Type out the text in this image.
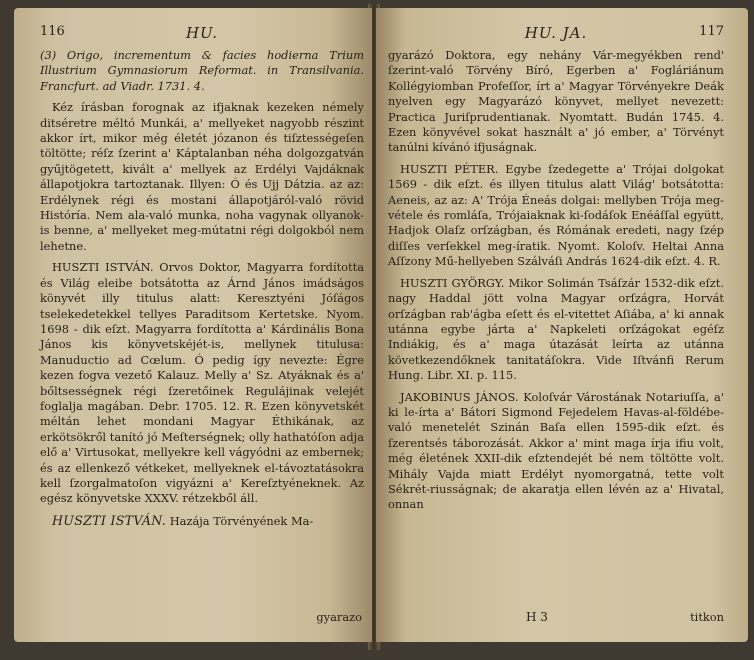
116	HU.

(3) Origo, incrementum & facies hodierna Trium Illustrium Gymnasiorum Reformat. in Transilvania. Francfurt. ad Viadr. 1731. 4.

Kéz írásban forognak az ifjaknak kezeken némely ditséretre méltó Munkái, a' mellyeket nagyobb részint akkor írt, mikor még életét józanon és tiſztességeſen töltötte; réſz ſzerint a' Káptalanban néha dolgozgatván gyűjtögetett, kivált a' mellyek az Erdélyi Vajdáknak állapotjokra tartoztanak. Illyen: Ó és Ujj Dátzia. az az: Erdélynek régi és mostani állapotjáról-való rövid Históría. Nem ala-való munka, noha vagynak ollyanok-is benne, a' mellyeket meg-mútatni régi dolgokból nem lehetne.

HUSZTI ISTVÁN. Orvos Doktor, Magyarra fordította és Világ eleibe botsátotta az Árnd János imádságos könyvét illy titulus alatt: Keresztyéni Jóſágos tselekedetekkel tellyes Paraditsom Kertetske. Nyom. 1698 - dik eſzt. Magyarra fordította a' Kárdinális Bona János kis könyvetskéjét-is, mellynek titulusa: Manuductio ad Cœlum. Ó pedig így nevezte: Égre kezen fogva vezető Kalauz. Melly a' Sz. Atyáknak és a' bőltsességnek régi ſzeretőinek Regulájinak velejét foglalja magában. Debr. 1705. 12. R. Ezen könyvetskét méltán lehet mondani Magyar Éthikának, az erkötsökről tanító jó Meſterségnek; olly hathatóſon adja elő a' Virtusokat, mellyekre kell vágyódni az embernek; és az ellenkező vétkeket, mellyeknek el-távoztatásokra kell ſzorgalmatoſon vigyázni a' Kereſztyéneknek. Az egész könyvetske XXXV. rétzekből áll.

HUSZTI ISTVÁN. Hazája Törvényének Ma-

gyarazo
HU. JA.	117

gyarázó Doktora, egy nehány Vár-megyékben rend' ſzerint-való Törvény Bíró, Egerben a' Fogláriánum Kollégyiomban Profeſſor, írt a' Magyar Törvényekre Deák nyelven egy Magyarázó könyvet, mellyet nevezett: Practica Juriſprudentianak. Nyomtatt. Budán 1745. 4. Ezen könyvével sokat használt a' jó ember, a' Törvényt tanúlni kívánó ifjuságnak.

HUSZTI PÉTER. Egybe ſzedegette a' Trójai dolgokat 1569 - dik eſzt. és illyen titulus alatt Világ' botsátotta: Aeneis, az az: A' Trója Éneás dolgai: mellyben Trója meg-vétele és romláſa, Trójaiaknak ki-ſodáſok Enéáſſal együtt, Hadjok Olaſz orſzágban, és Rómának eredeti, nagy ſzép diſſes verſekkel meg-íratik. Nyomt. Koloſv. Heltai Anna Aſſzony Mű-hellyeben Szálváſi András 1624-dik eſzt. 4. R.

HUSZTI GYÖRGY. Mikor Solimán Tsáſzár 1532-dik eſzt. nagy Haddal jött volna Magyar orſzágra, Horvát orſzágban rab'ágba eſett és el-vitettet Aſiába, a' ki annak utánna egybe járta a' Napkeleti orſzágokat egéſz Indiákig, és a' maga útazását leírta az utánna következendőknek tanitatáſokra. Vide Iſtvánfi Rerum Hung. Libr. XI. p. 115.

JAKOBINUS JÁNOS. Koloſvár Várostának Notariuſſa, a' ki le-írta a' Bátori Sigmond Fejedelem Havas-al-földébe-való menetelét Szinán Baſa ellen 1595-dik eſzt. és ſzerentsés táborozását. Akkor a' mint maga írja ifiu volt, még életének XXII-dik eſztendejét bé nem töltötte volt. Mihály Vajda miatt Erdélyt nyomorgatná, tette volt Sékrét-riusságnak; de akaratja ellen lévén az a' Hivatal, onnan

H 3	titkon
